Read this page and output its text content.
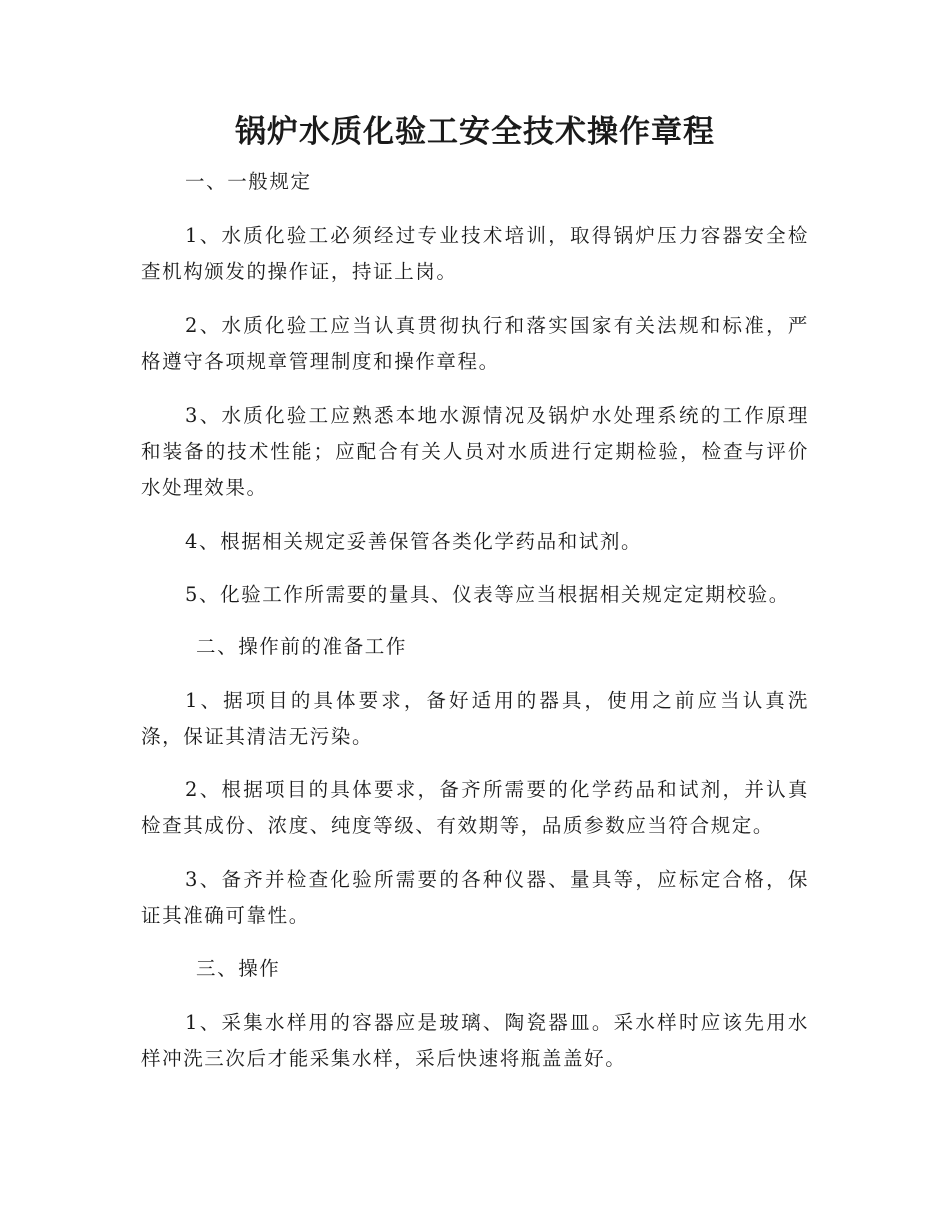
锅炉水质化验工安全技术操作章程
一、一般规定
1、水质化验工必须经过专业技术培训，取得锅炉压力容器安全检查机构颁发的操作证，持证上岗。
2、水质化验工应当认真贯彻执行和落实国家有关法规和标准，严格遵守各项规章管理制度和操作章程。
3、水质化验工应熟悉本地水源情况及锅炉水处理系统的工作原理和装备的技术性能；应配合有关人员对水质进行定期检验，检查与评价水处理效果。
4、根据相关规定妥善保管各类化学药品和试剂。
5、化验工作所需要的量具、仪表等应当根据相关规定定期校验。
二、操作前的准备工作
1、据项目的具体要求，备好适用的器具，使用之前应当认真洗涤，保证其清洁无污染。
2、根据项目的具体要求，备齐所需要的化学药品和试剂，并认真检查其成份、浓度、纯度等级、有效期等，品质参数应当符合规定。
3、备齐并检查化验所需要的各种仪器、量具等，应标定合格，保证其准确可靠性。
三、操作
1、采集水样用的容器应是玻璃、陶瓷器皿。采水样时应该先用水样冲洗三次后才能采集水样，采后快速将瓶盖盖好。
